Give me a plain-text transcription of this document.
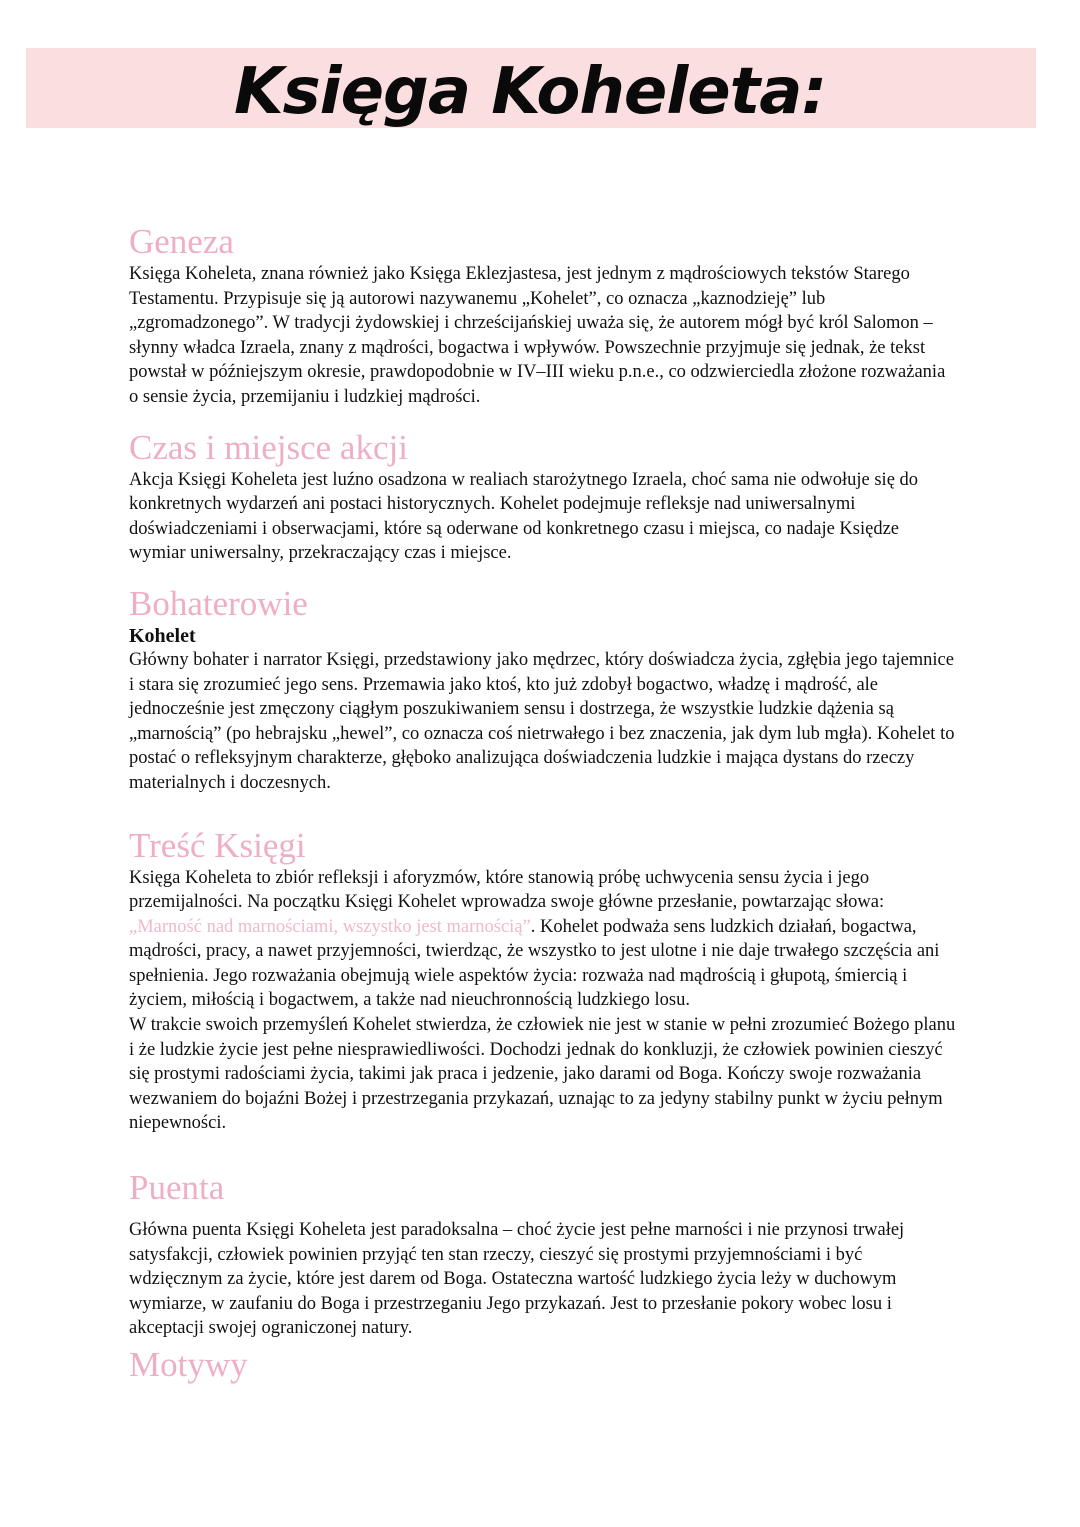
Księga Koheleta:
Geneza

Księga Koheleta, znana również jako Księga Eklezjastesa, jest jednym z mądrościowych tekstów Starego Testamentu. Przypisuje się ją autorowi nazywanemu „Kohelet”, co oznacza „kaznodzieję” lub „zgromadzonego”. W tradycji żydowskiej i chrześcijańskiej uważa się, że autorem mógł być król Salomon – słynny władca Izraela, znany z mądrości, bogactwa i wpływów. Powszechnie przyjmuje się jednak, że tekst powstał w późniejszym okresie, prawdopodobnie w IV–III wieku p.n.e., co odzwierciedla złożone rozważania o sensie życia, przemijaniu i ludzkiej mądrości.

Czas i miejsce akcji

Akcja Księgi Koheleta jest luźno osadzona w realiach starożytnego Izraela, choć sama nie odwołuje się do konkretnych wydarzeń ani postaci historycznych. Kohelet podejmuje refleksje nad uniwersalnymi doświadczeniami i obserwacjami, które są oderwane od konkretnego czasu i miejsca, co nadaje Księdze wymiar uniwersalny, przekraczający czas i miejsce.

Bohaterowie
Kohelet

Główny bohater i narrator Księgi, przedstawiony jako mędrzec, który doświadcza życia, zgłębia jego tajemnice i stara się zrozumieć jego sens. Przemawia jako ktoś, kto już zdobył bogactwo, władzę i mądrość, ale jednocześnie jest zmęczony ciągłym poszukiwaniem sensu i dostrzega, że wszystkie ludzkie dążenia są „marnością” (po hebrajsku „hewel”, co oznacza coś nietrwałego i bez znaczenia, jak dym lub mgła). Kohelet to postać o refleksyjnym charakterze, głęboko analizująca doświadczenia ludzkie i mająca dystans do rzeczy materialnych i doczesnych.

Treść Księgi

Księga Koheleta to zbiór refleksji i aforyzmów, które stanowią próbę uchwycenia sensu życia i jego przemijalności. Na początku Księgi Kohelet wprowadza swoje główne przesłanie, powtarzając słowa: „Marność nad marnościami, wszystko jest marnością”. Kohelet podważa sens ludzkich działań, bogactwa, mądrości, pracy, a nawet przyjemności, twierdząc, że wszystko to jest ulotne i nie daje trwałego szczęścia ani spełnienia. Jego rozważania obejmują wiele aspektów życia: rozważa nad mądrością i głupotą, śmiercią i życiem, miłością i bogactwem, a także nad nieuchronnością ludzkiego losu.

W trakcie swoich przemyśleń Kohelet stwierdza, że człowiek nie jest w stanie w pełni zrozumieć Bożego planu i że ludzkie życie jest pełne niesprawiedliwości. Dochodzi jednak do konkluzji, że człowiek powinien cieszyć się prostymi radościami życia, takimi jak praca i jedzenie, jako darami od Boga. Kończy swoje rozważania wezwaniem do bojaźni Bożej i przestrzegania przykazań, uznając to za jedyny stabilny punkt w życiu pełnym niepewności.

Puenta

Główna puenta Księgi Koheleta jest paradoksalna – choć życie jest pełne marności i nie przynosi trwałej satysfakcji, człowiek powinien przyjąć ten stan rzeczy, cieszyć się prostymi przyjemnościami i być wdzięcznym za życie, które jest darem od Boga. Ostateczna wartość ludzkiego życia leży w duchowym wymiarze, w zaufaniu do Boga i przestrzeganiu Jego przykazań. Jest to przesłanie pokory wobec losu i akceptacji swojej ograniczonej natury.

Motywy
